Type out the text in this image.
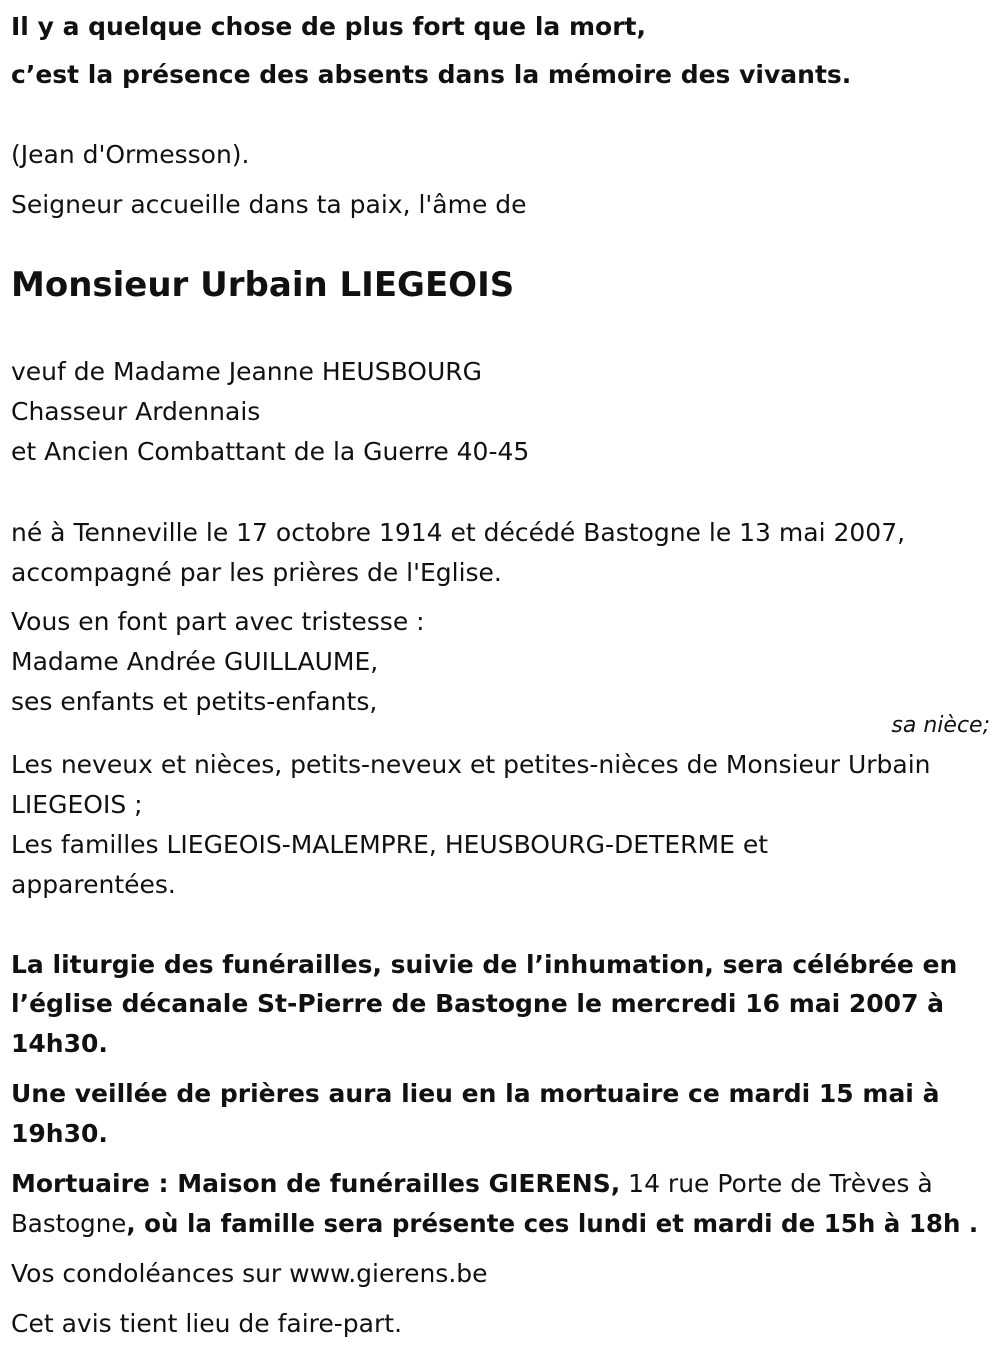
Il y a quelque chose de plus fort que la mort,
c’est la présence des absents dans la mémoire des vivants.
(Jean d'Ormesson).
Seigneur accueille dans ta paix, l'âme de
Monsieur Urbain LIEGEOIS
veuf de Madame Jeanne HEUSBOURG
Chasseur Ardennais
et Ancien Combattant de la Guerre 40-45
né à Tenneville le 17 octobre 1914 et décédé Bastogne le 13 mai 2007,
accompagné par les prières de l'Eglise.
Vous en font part avec tristesse :
Madame Andrée GUILLAUME,
ses enfants et petits-enfants,
sa nièce;
Les neveux et nièces, petits-neveux et petites-nièces de Monsieur Urbain
LIEGEOIS ;
Les familles LIEGEOIS-MALEMPRE, HEUSBOURG-DETERME et
apparentées.
La liturgie des funérailles, suivie de l’inhumation, sera célébrée en
l’église décanale St-Pierre de Bastogne le mercredi 16 mai 2007 à
14h30.
Une veillée de prières aura lieu en la mortuaire ce mardi 15 mai à
19h30.
Mortuaire : Maison de funérailles GIERENS, 14 rue Porte de Trèves à
Bastogne, où la famille sera présente ces lundi et mardi de 15h à 18h .
Vos condoléances sur www.gierens.be
Cet avis tient lieu de faire-part.
